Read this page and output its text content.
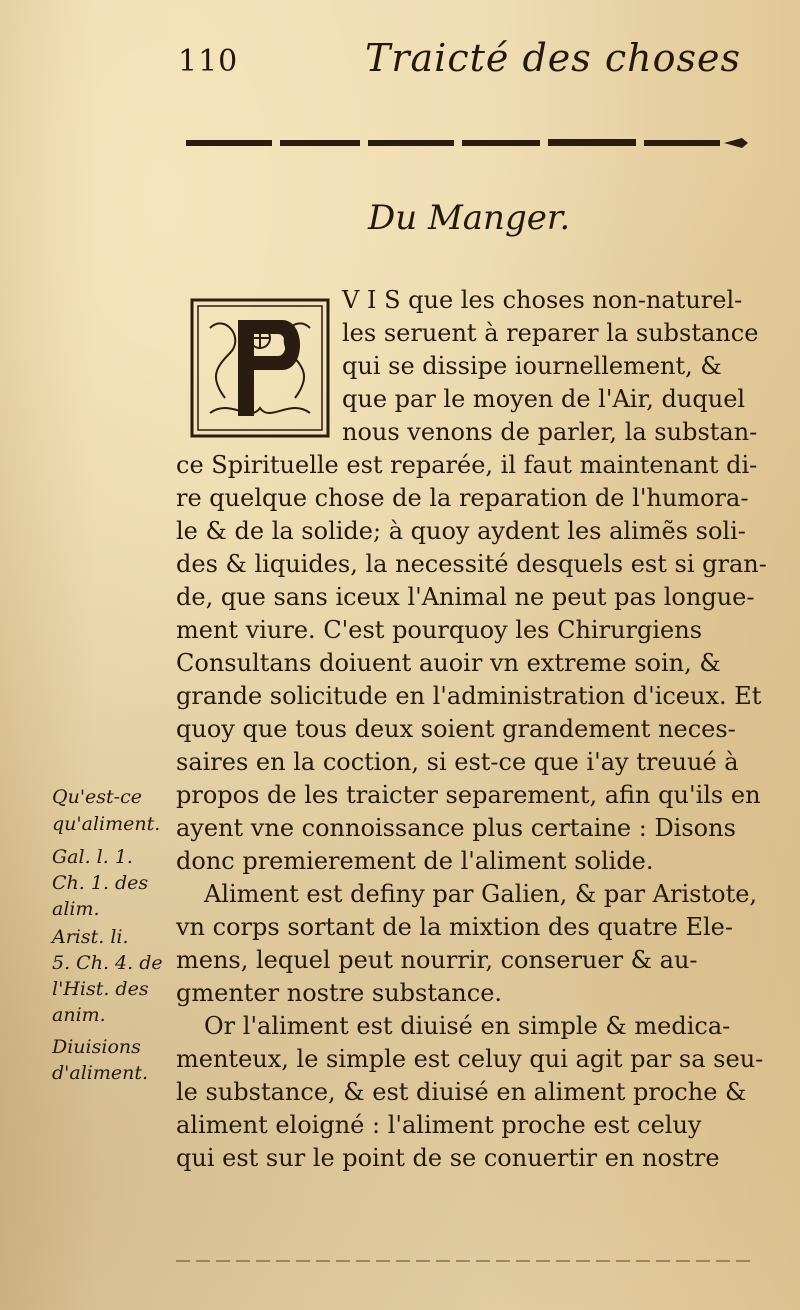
110	Traicté des choses
Du Manger.
V I S que les choses non-naturel-
les seruent à reparer la substance
qui se dissipe iournellement, &
que par le moyen de l'Air, duquel
nous venons de parler, la substan-
ce Spirituelle est reparée, il faut maintenant di-
re quelque chose de la reparation de l'humora-
le & de la solide; à quoy aydent les alimẽs soli-
des & liquides, la necessité desquels est si gran-
de, que sans iceux l'Animal ne peut pas longue-
ment viure. C'est pourquoy les Chirurgiens
Consultans doiuent auoir vn extreme soin, &
grande solicitude en l'administration d'iceux. Et
quoy que tous deux soient grandement neces-
saires en la coction, si est-ce que i'ay treuué à
propos de les traicter separement, afin qu'ils en
ayent vne connoissance plus certaine : Disons
donc premierement de l'aliment solide.
Aliment est definy par Galien, & par Aristote,
vn corps sortant de la mixtion des quatre Ele-
mens, lequel peut nourrir, conseruer & au-
gmenter nostre substance.
Or l'aliment est diuisé en simple & medica-
menteux, le simple est celuy qui agit par sa seu-
le substance, & est diuisé en aliment proche &
aliment eloigné : l'aliment proche est celuy
qui est sur le point de se conuertir en nostre
Qu'est-ce
qu'aliment.
Gal. l. 1.
Ch. 1. des
alim.
Arist. li.
5. Ch. 4. de
l'Hist. des
anim.
Diuisions
d'aliment.
